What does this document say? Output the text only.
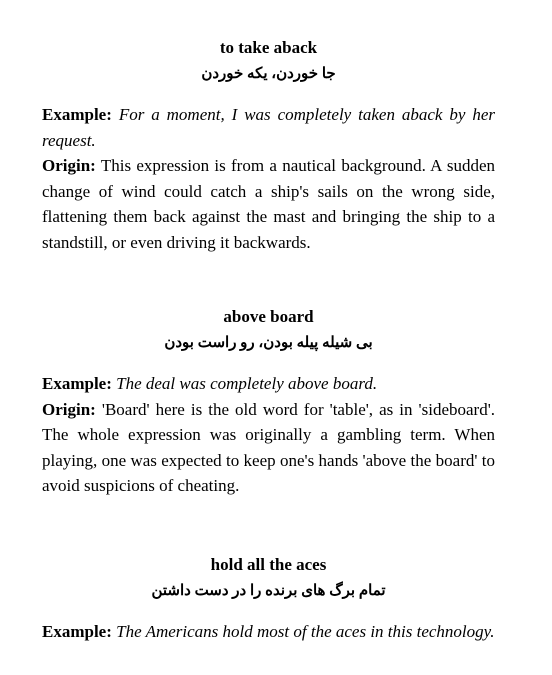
to take aback

جا خوردن، یکه خوردن

Example: For a moment, I was completely taken aback by her request.

Origin: This expression is from a nautical background. A sudden change of wind could catch a ship's sails on the wrong side, flattening them back against the mast and bringing the ship to a standstill, or even driving it backwards.

above board

بی شیله پیله بودن، رو راست بودن

Example: The deal was completely above board.

Origin: 'Board' here is the old word for 'table', as in 'sideboard'. The whole expression was originally a gambling term. When playing, one was expected to keep one's hands 'above the board' to avoid suspicions of cheating.

hold all the aces

تمام برگ های برنده را در دست داشتن

Example: The Americans hold most of the aces in this technology.
